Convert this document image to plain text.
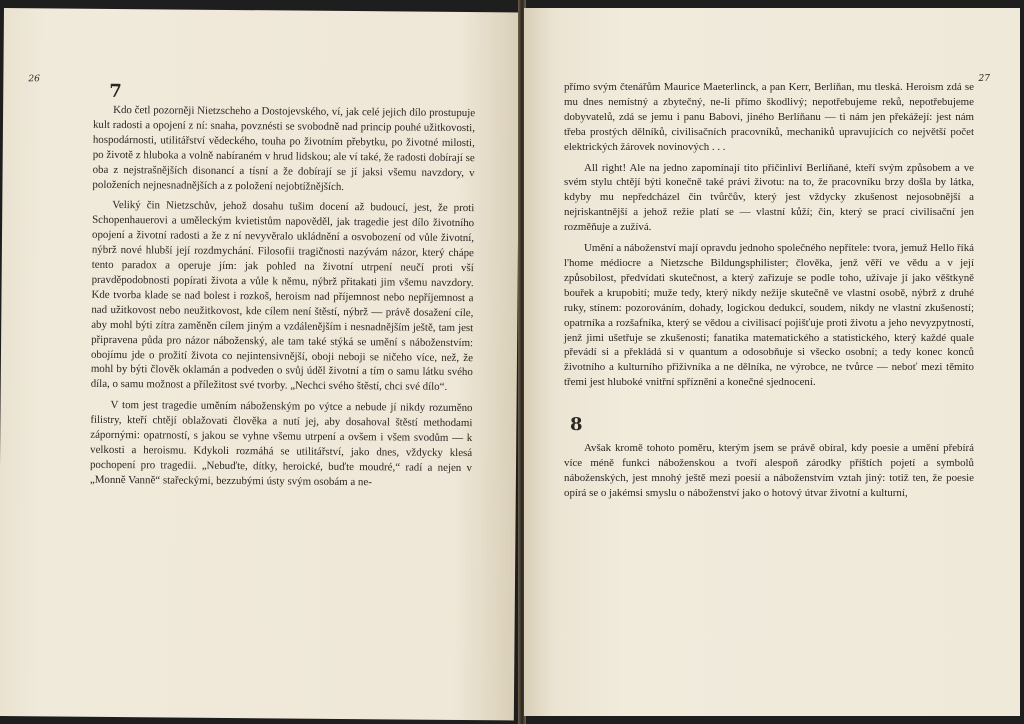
26
7

Kdo četl pozorněji Nietzscheho a Dostojevského, ví, jak celé jejich dílo prostupuje kult radosti a opojení z ní: snaha, povznésti se svobodně nad princip pouhé užitkovosti, hospodárnosti, utilitářství vědeckého, touha po životním přebytku, po životné milosti, po životě z hluboka a volně nabíraném v hrud lidskou; ale ví také, že radosti dobírají se oba z nejstrašnějších disonancí a tísní a že dobírají se jí jaksi všemu navzdory, v položeních nejnesnadnějších a z položení nejobtížnějších.

Veliký čin Nietzschův, jehož dosahu tušim docení až budoucí, jest, že proti Schopenhauerovi a uměleckým kvietistům napověděl, jak tragedie jest dílo životního opojení a životní radosti a že z ní nevyvěralo ukládnění a osvobození od vůle životní, nýbrž nové hlubší její rozdmychání. Filosofii tragičnosti nazývám názor, který chápe tento paradox a operuje jím: jak pohled na životní utrpení neučí proti vší pravděpodobnosti popírati života a vůle k němu, nýbrž přitakati jim všemu navzdory. Kde tvorba klade se nad bolest i rozkoš, heroism nad příjemnost nebo nepříjemnost a nad užitkovost nebo neužitkovost, kde cílem není štěstí, nýbrž — právě dosažení cíle, aby mohl býti zítra zaměněn cílem jiným a vzdálenějším i nesnadnějším ještě, tam jest připravena půda pro názor náboženský, ale tam také stýká se umění s náboženstvím: obojímu jde o prožití života co nejintensivnější, oboji neboji se ničeho více, než, že mohl by býti člověk oklamán a podveden o svůj úděl životní a tím o samu látku svého díla, o samu možnost a příležitost své tvorby. „Nechci svého štěstí, chci své dílo“.

V tom jest tragedie uměním náboženským po výtce a nebude jí nikdy rozuměno filistry, kteří chtějí oblažovati člověka a nutí jej, aby dosahoval štěstí methodami zápornými: opatrností, s jakou se vyhne všemu utrpení a ovšem i všem svodům — k velkosti a heroismu. Kdykoli rozmáhá se utilitářství, jako dnes, vždycky klesá pochopení pro tragedii. „Nebuďte, dítky, heroické, buďte moudré,“ radí a nejen v „Monně Vanně“ stařeckými, bezzubými ústy svým osobám a ne-

27

přímo svým čtenářům Maurice Maeterlinck, a pan Kerr, Berlíňan, mu tleská. Heroism zdá se mu dnes nemístný a zbytečný, ne-li přímo škodlivý; nepotřebujeme reků, nepotřebujeme dobyvatelů, zdá se jemu i panu Babovi, jiného Berlíňanu — ti nám jen překážejí: jest nám třeba prostých dělníků, civilisačních pracovníků, mechaniků upravujících co největší počet elektrických žárovek novinových . . .

All right! Ale na jedno zapomínají tito přičinliví Berlíňané, kteří svým způsobem a ve svém stylu chtějí býti konečně také právi životu: na to, že pracovníku brzy došla by látka, kdyby mu nepředcházel čin tvůrčův, který jest vždycky zkušenost nejosobnější a nejriskantnější a jehož režie platí se — vlastní kůží; čin, který se prací civilisační jen rozměňuje a zužívá.

Umění a náboženství mají opravdu jednoho společného nepřítele: tvora, jemuž Hello říká l'home médiocre a Nietzsche Bildungsphilister; člověka, jenž věří ve vědu a v její způsobilost, předvídati skutečnost, a který zařizuje se podle toho, užívaje jí jako věštkyně bouřek a krupobití; muže tedy, který nikdy nežije skutečně ve vlastní osobě, nýbrž z druhé ruky, stínem: pozorováním, dohady, logickou dedukcí, soudem, nikdy ne vlastní zkušeností; opatrníka a rozšafníka, který se vědou a civilisací pojišťuje proti životu a jeho nevyzpytností, jenž jimi ušetřuje se zkušenosti; fanatika matematického a statistického, který každé quale převádí si a překládá si v quantum a odosobňuje si všecko osobní; a tedy konec konců životního a kulturního přiživníka a ne dělníka, ne výrobce, ne tvůrce — neboť mezi těmito třemi jest hluboké vnitřní spřízněni a konečné sjednocení.

8

Avšak kromě tohoto poměru, kterým jsem se právě obíral, kdy poesie a umění přebírá více méně funkci náboženskou a tvoří alespoň zárodky příštích pojetí a symbolů náboženských, jest mnohý ještě mezi poesií a náboženstvím vztah jiný: totiž ten, že poesie opírá se o jakémsi smyslu o náboženství jako o hotový útvar životní a kulturní,
